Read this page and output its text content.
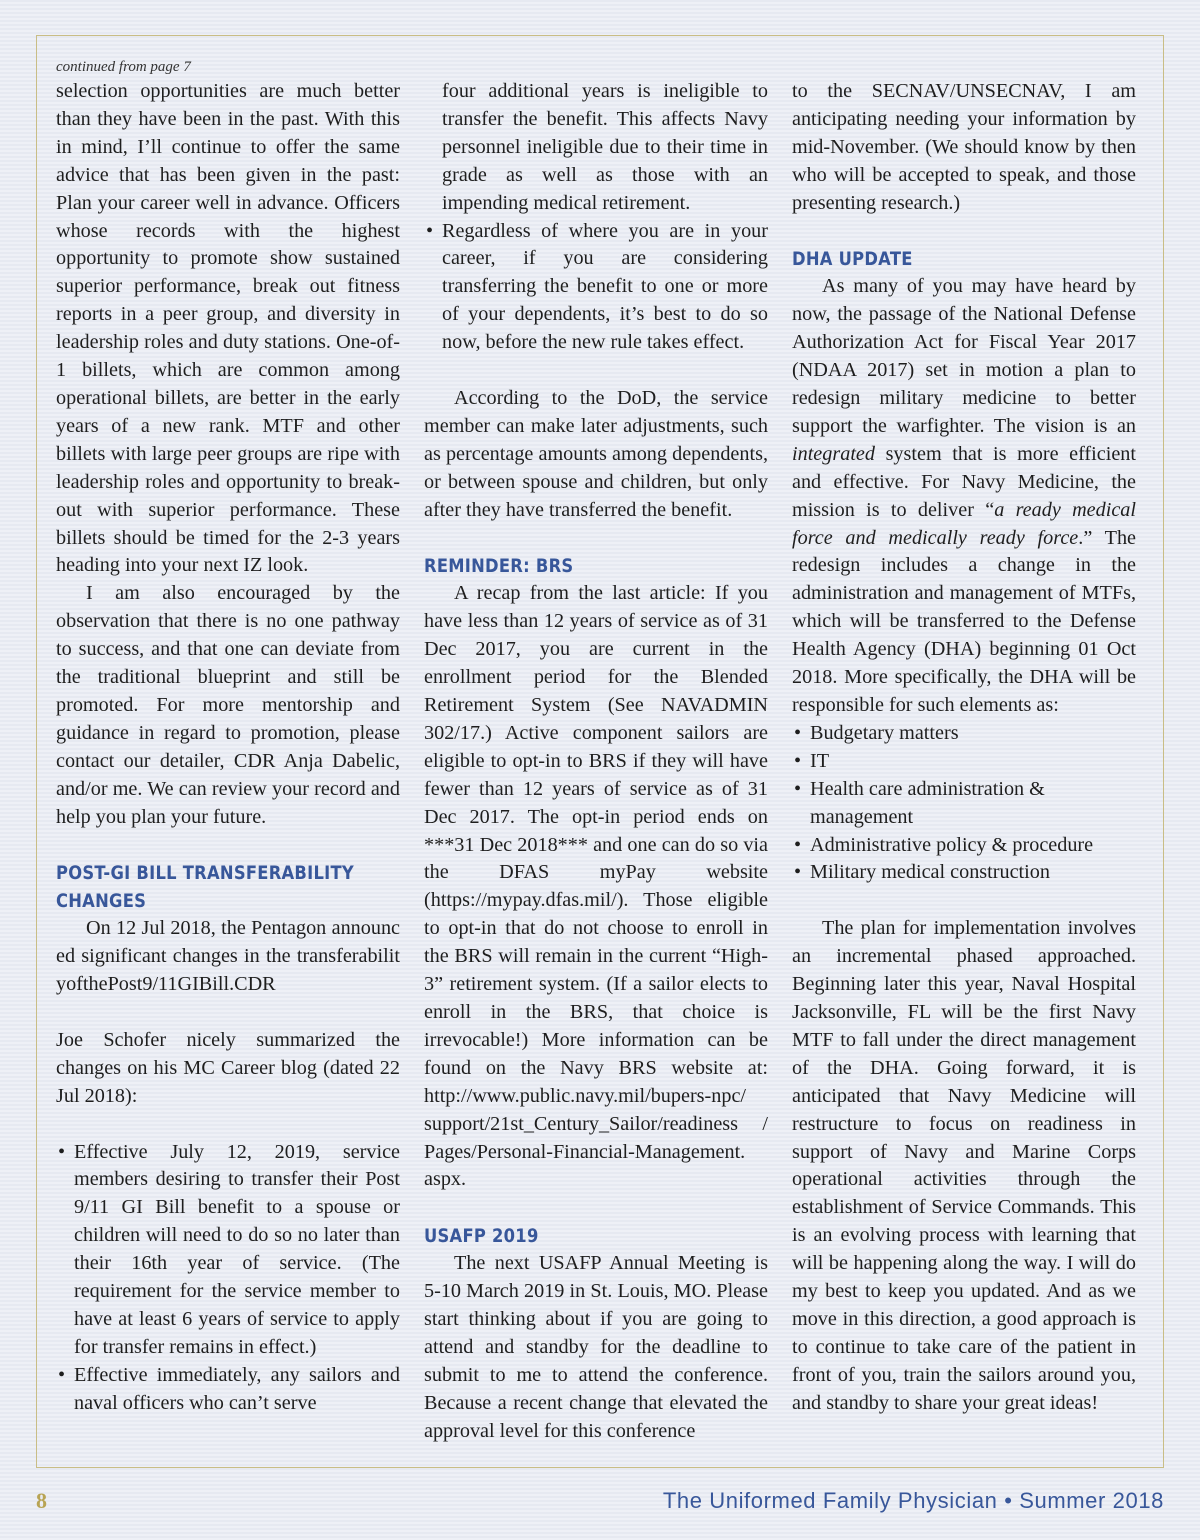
continued from page 7

selection opportunities are much better than they have been in the past. With this in mind, I’ll continue to offer the same advice that has been given in the past: Plan your career well in advance. Officers whose records with the highest opportunity to promote show sustained superior performance, break out fitness reports in a peer group, and diversity in leadership roles and duty stations. One-of-1 billets, which are common among operational billets, are better in the early years of a new rank. MTF and other billets with large peer groups are ripe with leadership roles and opportunity to break-out with superior performance. These billets should be timed for the 2-3 years heading into your next IZ look.

I am also encouraged by the observation that there is no one pathway to success, and that one can deviate from the traditional blueprint and still be promoted. For more mentorship and guidance in regard to promotion, please contact our detailer, CDR Anja Dabelic, and/or me. We can review your record and help you plan your future.

POST-GI BILL TRANSFERABILITY
CHANGES

On 12 Jul 2018, the Pentagon announced significant changes in the transferabilityofthePost9/11GIBill.CDR

Joe Schofer nicely summarized the changes on his MC Career blog (dated 22 Jul 2018):

• Effective July 12, 2019, service members desiring to transfer their Post 9/11 GI Bill benefit to a spouse or children will need to do so no later than their 16th year of service. (The requirement for the service member to have at least 6 years of service to apply for transfer remains in effect.)
• Effective immediately, any sailors and naval officers who can’t serve

four additional years is ineligible to transfer the benefit. This affects Navy personnel ineligible due to their time in grade as well as those with an impending medical retirement.

• Regardless of where you are in your career, if you are considering transferring the benefit to one or more of your dependents, it’s best to do so now, before the new rule takes effect.

According to the DoD, the service member can make later adjustments, such as percentage amounts among dependents, or between spouse and children, but only after they have transferred the benefit.

REMINDER: BRS

A recap from the last article: If you have less than 12 years of service as of 31 Dec 2017, you are current in the enrollment period for the Blended Retirement System (See NAVADMIN 302/17.) Active component sailors are eligible to opt-in to BRS if they will have fewer than 12 years of service as of 31 Dec 2017. The opt-in period ends on ***31 Dec 2018*** and one can do so via the DFAS myPay website (https://mypay.dfas.mil/). Those eligible to opt-in that do not choose to enroll in the BRS will remain in the current “High-3” retirement system. (If a sailor elects to enroll in the BRS, that choice is irrevocable!) More information can be found on the Navy BRS website at: http://www.public.navy.mil/bupers-npc/ support/21st_Century_Sailor/readiness / Pages/Personal-Financial-Management. aspx.

USAFP 2019

The next USAFP Annual Meeting is 5-10 March 2019 in St. Louis, MO. Please start thinking about if you are going to attend and standby for the deadline to submit to me to attend the conference. Because a recent change that elevated the approval level for this conference

to the SECNAV/UNSECNAV, I am anticipating needing your information by mid-November. (We should know by then who will be accepted to speak, and those presenting research.)

DHA UPDATE

As many of you may have heard by now, the passage of the National Defense Authorization Act for Fiscal Year 2017 (NDAA 2017) set in motion a plan to redesign military medicine to better support the warfighter. The vision is an integrated system that is more efficient and effective. For Navy Medicine, the mission is to deliver “a ready medical force and medically ready force.” The redesign includes a change in the administration and management of MTFs, which will be transferred to the Defense Health Agency (DHA) beginning 01 Oct 2018. More specifically, the DHA will be responsible for such elements as:

• Budgetary matters
• IT
• Health care administration & management
• Administrative policy & procedure
• Military medical construction

The plan for implementation involves an incremental phased approached. Beginning later this year, Naval Hospital Jacksonville, FL will be the first Navy MTF to fall under the direct management of the DHA. Going forward, it is anticipated that Navy Medicine will restructure to focus on readiness in support of Navy and Marine Corps operational activities through the establishment of Service Commands. This is an evolving process with learning that will be happening along the way. I will do my best to keep you updated. And as we move in this direction, a good approach is to continue to take care of the patient in front of you, train the sailors around you, and standby to share your great ideas!

8	The Uniformed Family Physician • Summer 2018
